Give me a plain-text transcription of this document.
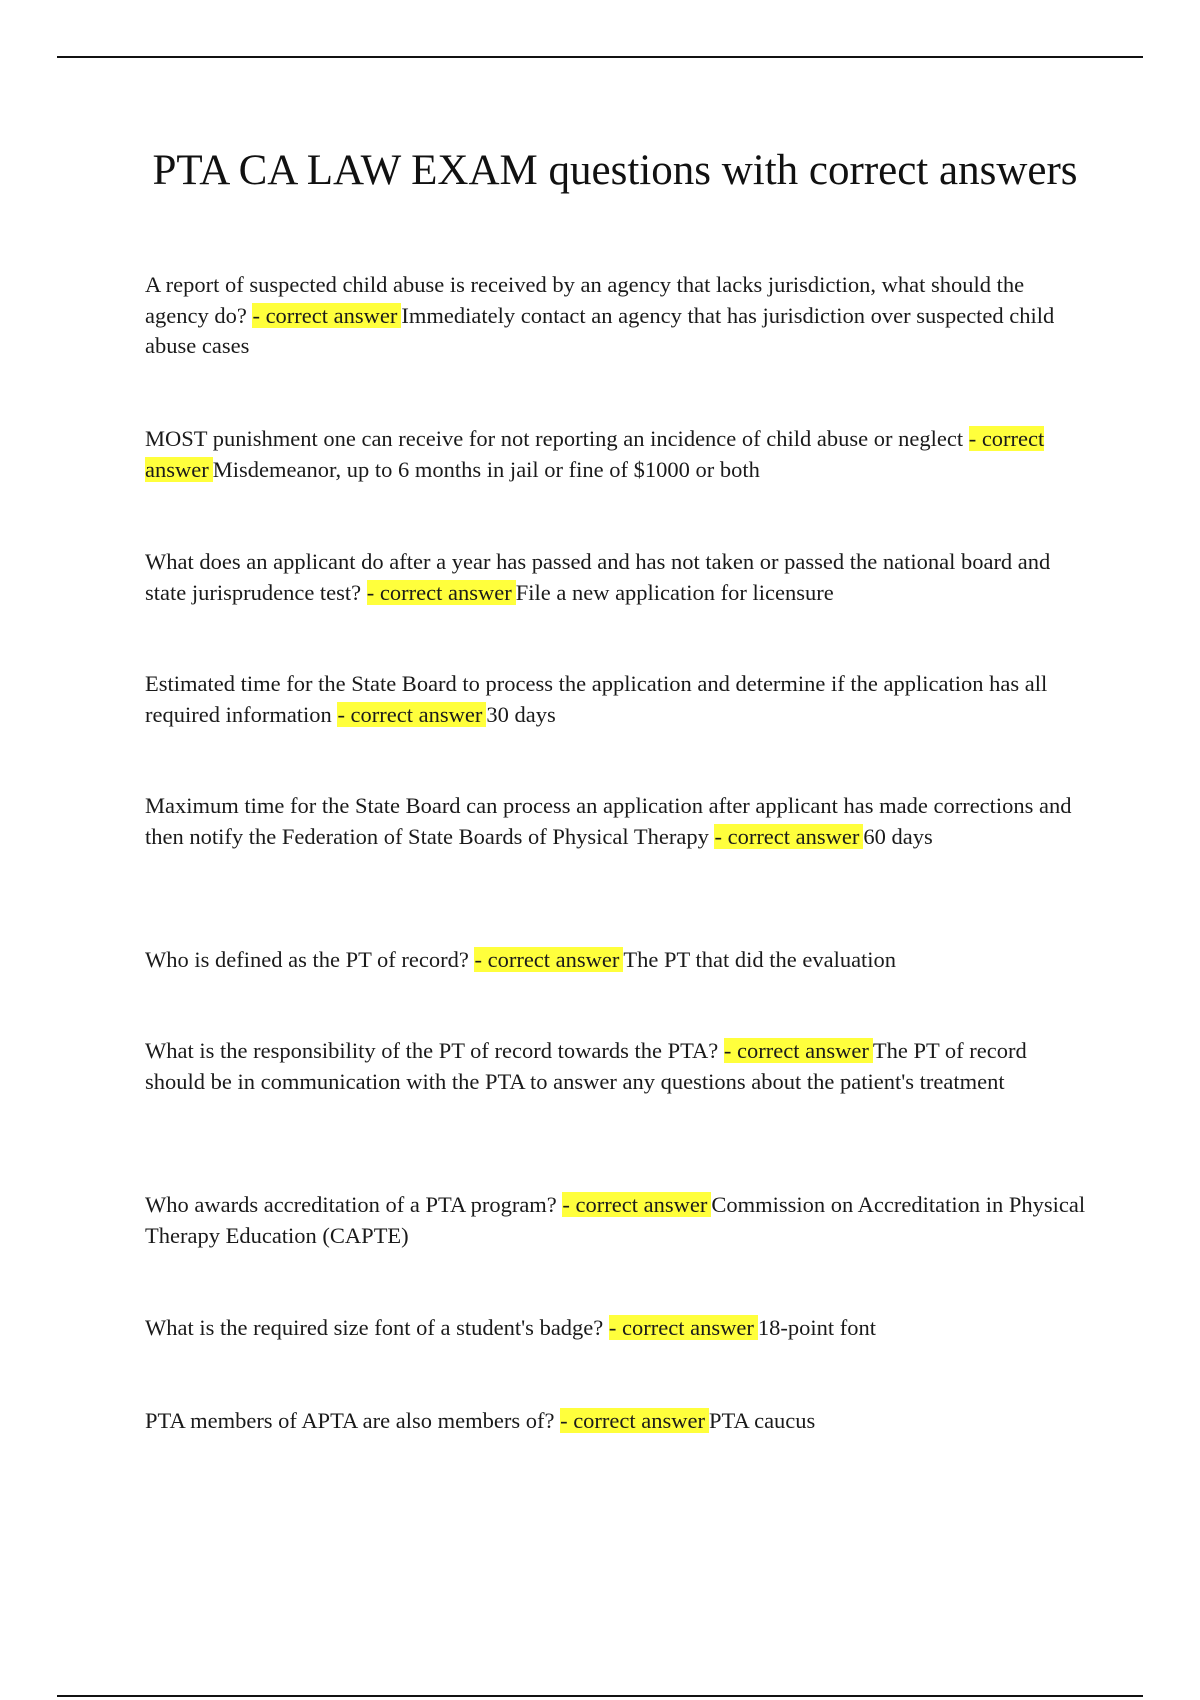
PTA CA LAW EXAM questions with correct answers

A report of suspected child abuse is received by an agency that lacks jurisdiction, what should the agency do? - correct answer Immediately contact an agency that has jurisdiction over suspected child abuse cases

MOST punishment one can receive for not reporting an incidence of child abuse or neglect - correct answer Misdemeanor, up to 6 months in jail or fine of $1000 or both

What does an applicant do after a year has passed and has not taken or passed the national board and state jurisprudence test? - correct answer File a new application for licensure

Estimated time for the State Board to process the application and determine if the application has all required information - correct answer 30 days

Maximum time for the State Board can process an application after applicant has made corrections and then notify the Federation of State Boards of Physical Therapy - correct answer 60 days

Who is defined as the PT of record? - correct answer The PT that did the evaluation

What is the responsibility of the PT of record towards the PTA? - correct answer The PT of record should be in communication with the PTA to answer any questions about the patient's treatment

Who awards accreditation of a PTA program? - correct answer Commission on Accreditation in Physical Therapy Education (CAPTE)

What is the required size font of a student's badge? - correct answer 18-point font

PTA members of APTA are also members of? - correct answer PTA caucus
